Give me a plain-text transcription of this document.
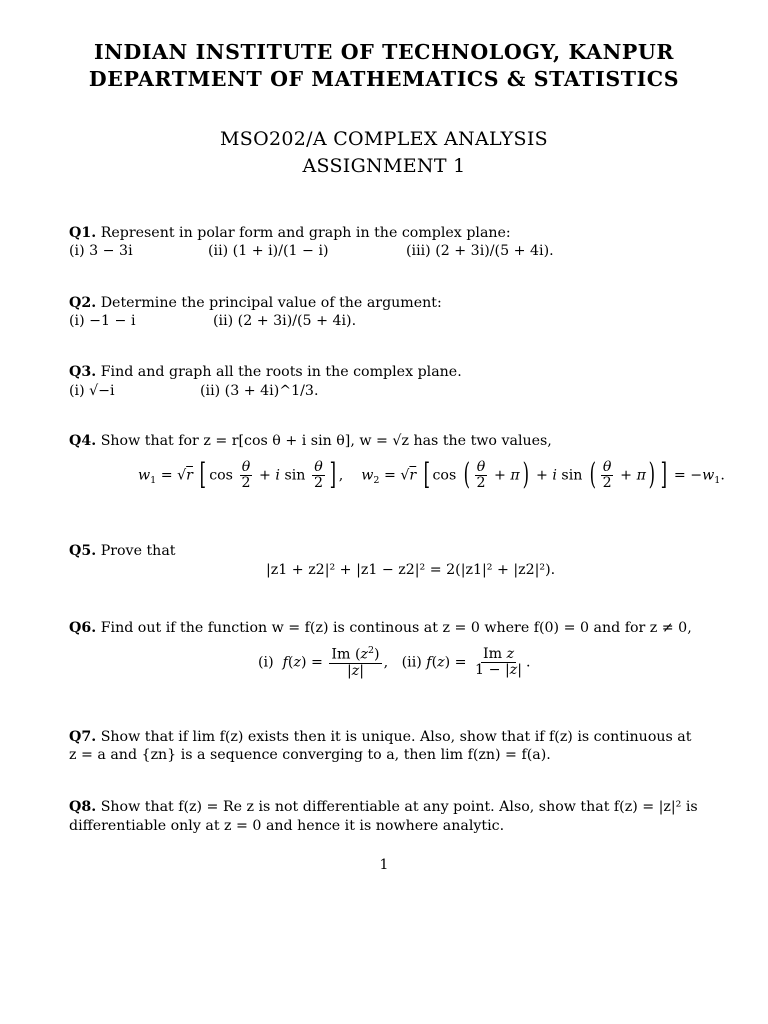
INDIAN INSTITUTE OF TECHNOLOGY, KANPUR
DEPARTMENT OF MATHEMATICS & STATISTICS
MSO202/A COMPLEX ANALYSIS
ASSIGNMENT 1
Q1. Represent in polar form and graph in the complex plane:
(i) 3 − 3i	(ii) (1 + i)/(1 − i)	(iii) (2 + 3i)/(5 + 4i).
Q2. Determine the principal value of the argument:
(i) −1 − i	(ii) (2 + 3i)/(5 + 4i).
Q3. Find and graph all the roots in the complex plane.
(i) √−i	(ii) (3 + 4i)^1/3.
Q4. Show that for z = r[cos θ + i sin θ], w = √z has the two values,
$w_1 = √r$ [ $\cos \frac{\theta}{2} + i$ $\sin \frac{\theta}{2}$ ] ,    $w_2 = √r$ [ cos ( $\frac{\theta}{2} + \pi) + i$ sin ( $\frac{\theta}{2} + \pi$) ] = $-w_1$.
Q5. Prove that
|z1 + z2|² + |z1 − z2|² = 2(|z1|² + |z2|²).
Q6. Find out if the function w = f(z) is continous at z = 0 where f(0) = 0 and for z ≠ 0,
(i) $f(z) = \frac{Im (z^2)}{|z|}$ ,   (ii) $f(z) = \frac{\text{Im z}}{1 - |z|}$ .
Q7. Show that if lim f(z) exists then it is unique. Also, show that if f(z) is continuous at
z = a and {zn} is a sequence converging to a, then lim f(zn) = f(a).
Q8. Show that f(z) = Re z is not differentiable at any point. Also, show that f(z) = |z|² is
differentiable only at z = 0 and hence it is nowhere analytic.
1
